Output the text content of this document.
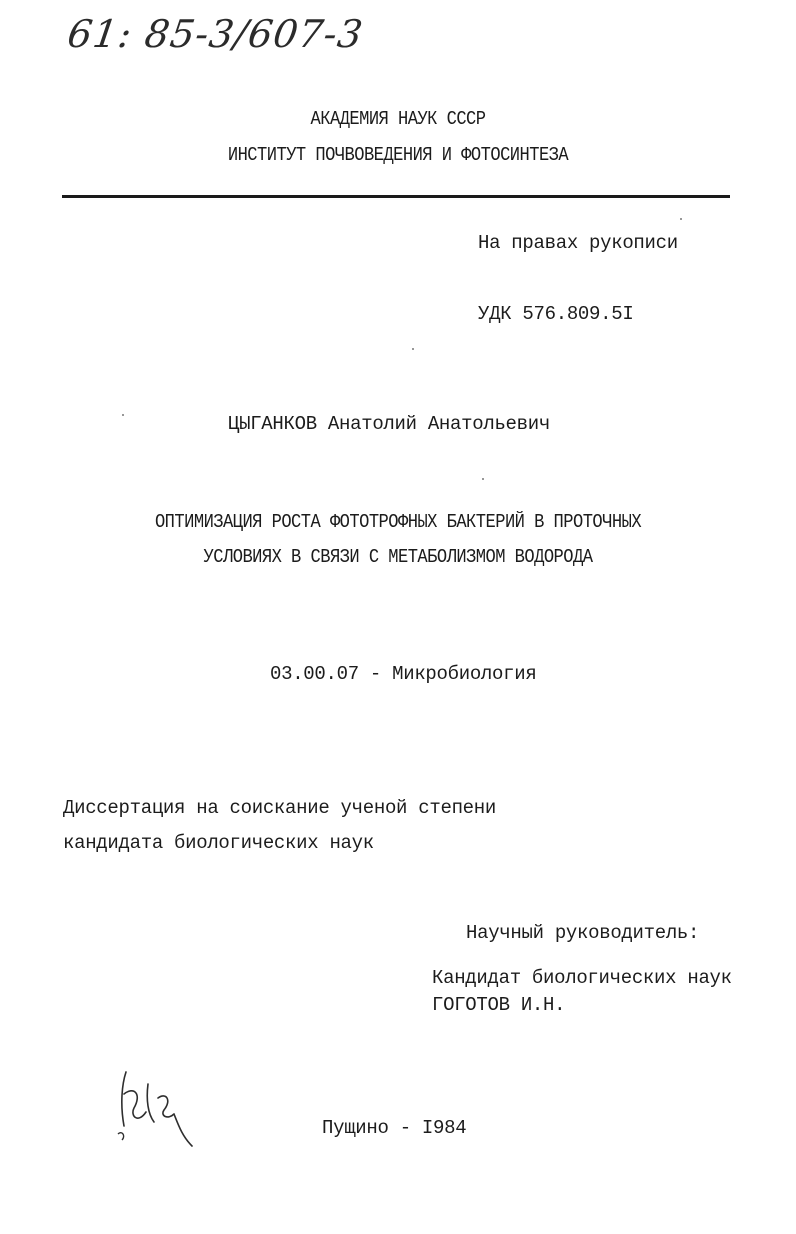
61: 85-3/607-3
АКАДЕМИЯ НАУК СССР
ИНСТИТУТ ПОЧВОВЕДЕНИЯ И ФОТОСИНТЕЗА
На правах рукописи
УДК 576.809.5I
ЦЫГАНКОВ Анатолий Анатольевич
ОПТИМИЗАЦИЯ РОСТА ФОТОТРОФНЫХ БАКТЕРИЙ В ПРОТОЧНЫХ
УСЛОВИЯХ В СВЯЗИ С МЕТАБОЛИЗМОМ ВОДОРОДА
03.00.07 - Микробиология
Диссертация на соискание ученой степени
кандидата биологических наук
Научный руководитель:
Кандидат биологических наук
ГОГОТОВ И.Н.
Пущино - I984
